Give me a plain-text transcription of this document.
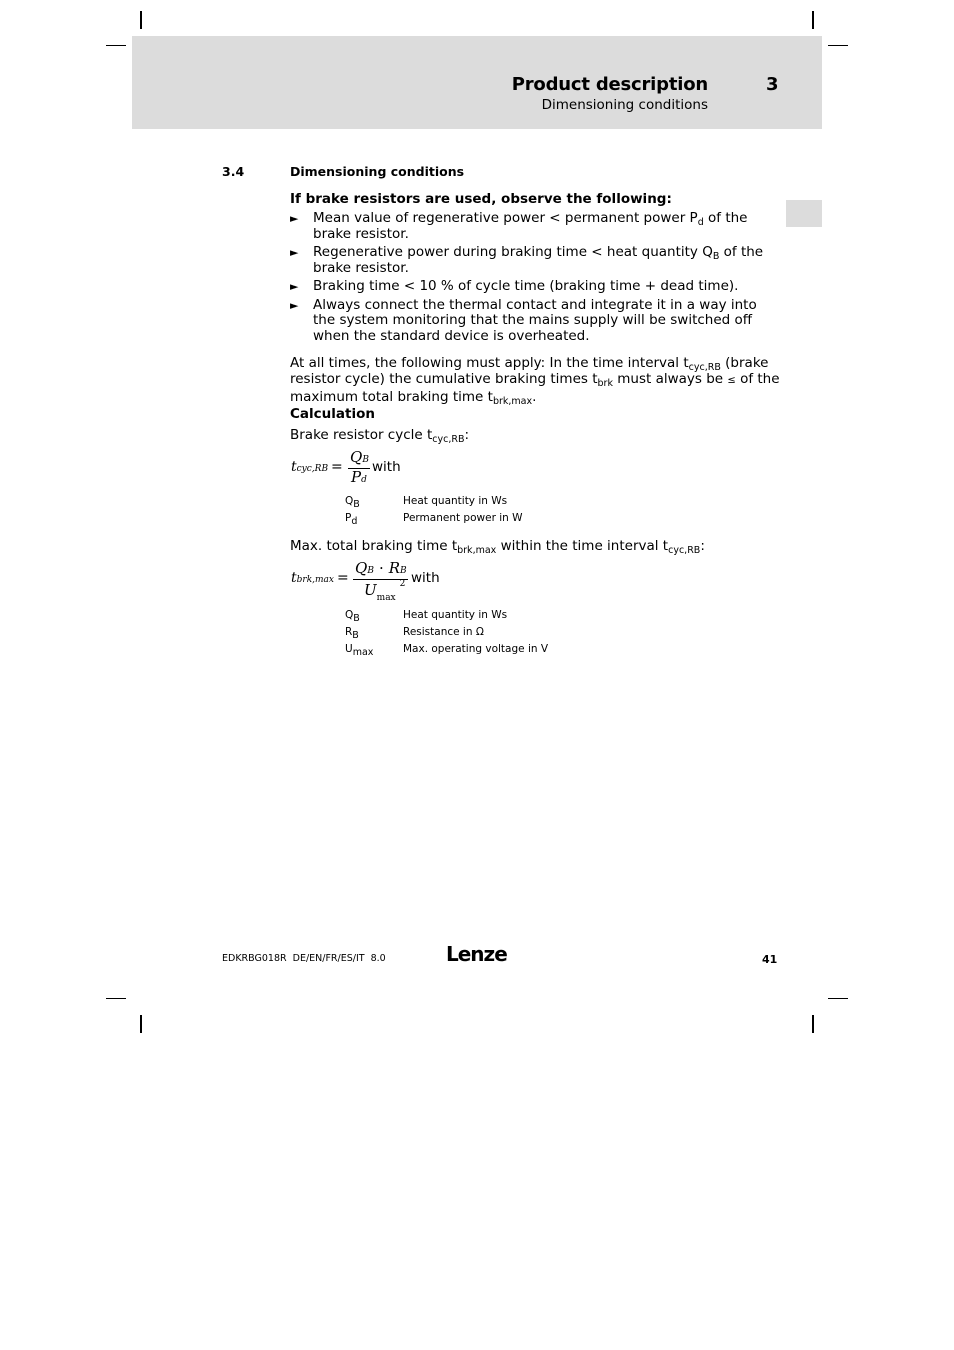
Product description	3
Dimensioning conditions
3.4	Dimensioning conditions
If brake resistors are used, observe the following:
► Mean value of regenerative power < permanent power $P_d$ of the brake resistor.
► Regenerative power during braking time < heat quantity $Q_B$ of the brake resistor.
► Braking time < 10 % of cycle time (braking time + dead time).
► Always connect the thermal contact and integrate it in a way into the system monitoring that the mains supply will be switched off when the standard device is overheated.
At all times, the following must apply: In the time interval $t_{cyc,RB}$ (brake resistor cycle) the cumulative braking times $t_{brk}$ must always be ≤ of the maximum total braking time $t_{brk,max}$.
Calculation
Brake resistor cycle $t_{cyc,RB}$:
tcyc,RB =
QB
Pd
with
$Q_B$	Heat quantity in Ws
$P_d$	Permanent power in W
Max. total braking time $t_{brk,max}$ within the time interval $t_{cyc,RB}$:
tbrk,max =
QB · RB
$U_{max}^2$ with
$Q_B$	Heat quantity in Ws
$R_B$	Resistance in Ω
$U_{max}$	Max. operating voltage in V
EDKRBG018R  DE/EN/FR/ES/IT  8.0	Lenze	41
